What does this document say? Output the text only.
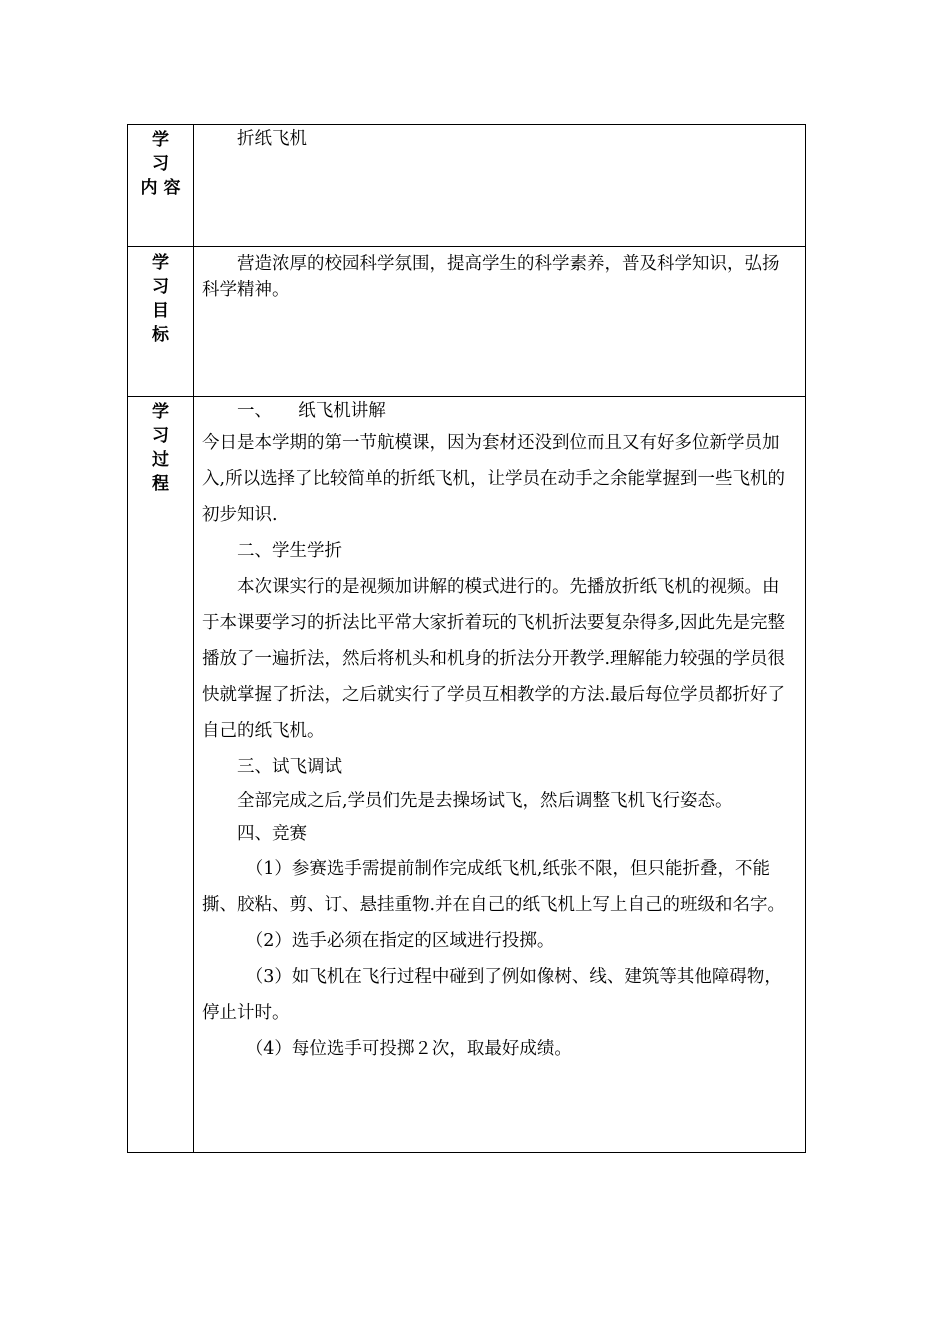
学
习
内 容

　　折纸飞机

学
习
目
标

　　营造浓厚的校园科学氛围，提高学生的科学素养，普及科学知识，弘扬科学精神。

学
习
过
程

　　一、　　纸飞机讲解

今日是本学期的第一节航模课，因为套材还没到位而且又有好多位新学员加入,所以选择了比较简单的折纸飞机，让学员在动手之余能掌握到一些飞机的初步知识.

　　二、学生学折

　　本次课实行的是视频加讲解的模式进行的。先播放折纸飞机的视频。由于本课要学习的折法比平常大家折着玩的飞机折法要复杂得多,因此先是完整播放了一遍折法，然后将机头和机身的折法分开教学.理解能力较强的学员很快就掌握了折法，之后就实行了学员互相教学的方法.最后每位学员都折好了自己的纸飞机。

　　三、试飞调试

　　全部完成之后,学员们先是去操场试飞，然后调整飞机飞行姿态。

　　四、竞赛

　　　（1）参赛选手需提前制作完成纸飞机,纸张不限，但只能折叠，不能撕、胶粘、剪、订、悬挂重物.并在自己的纸飞机上写上自己的班级和名字。

　　　（2）选手必须在指定的区域进行投掷。

　　　（3）如飞机在飞行过程中碰到了例如像树、线、建筑等其他障碍物，　停止计时。

　　　（4）每位选手可投掷２次，取最好成绩。
